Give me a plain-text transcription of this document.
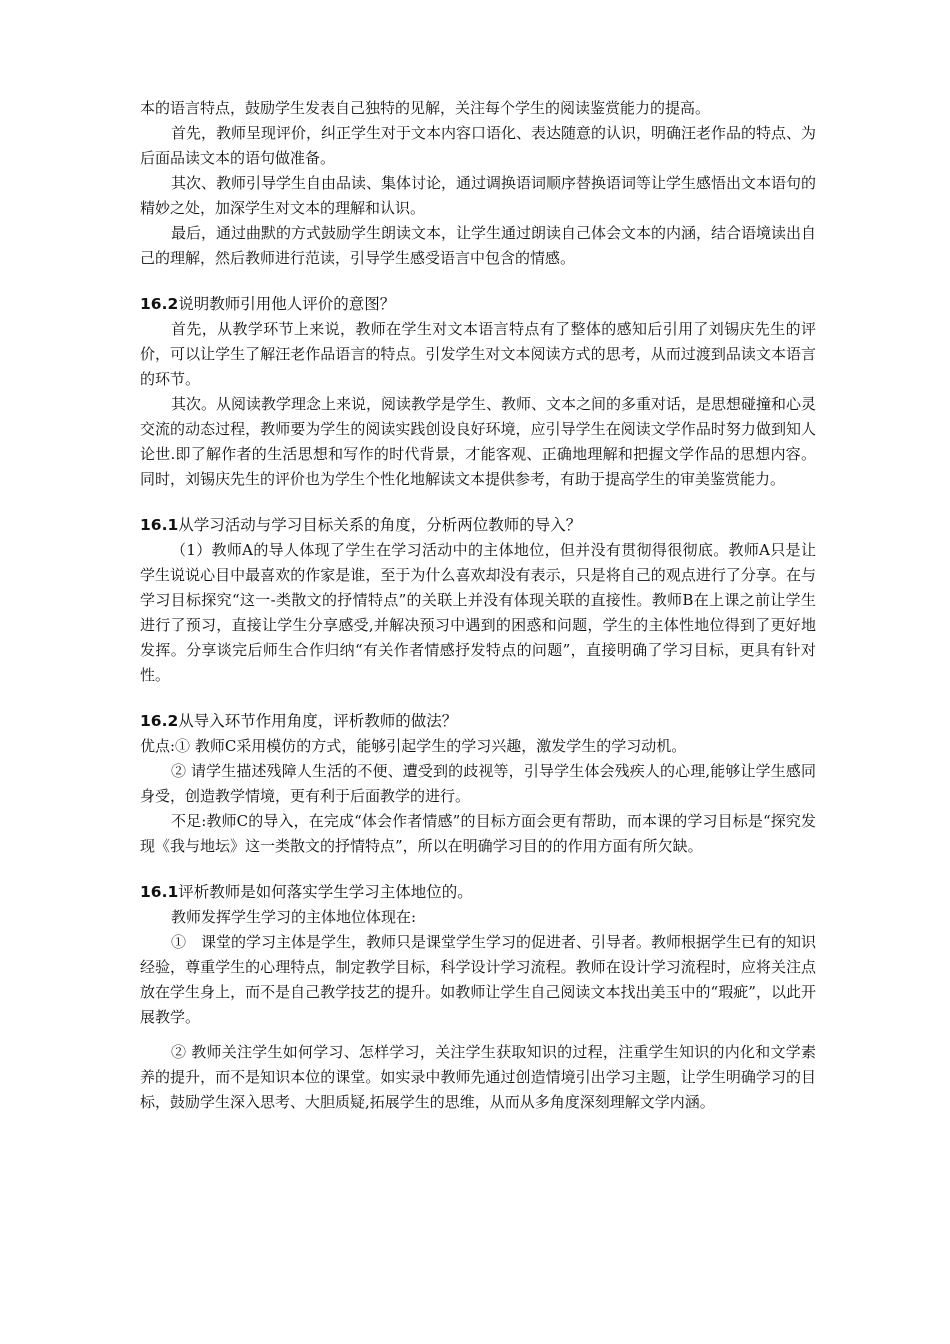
本的语言特点，鼓励学生发表自己独特的见解，关注每个学生的阅读鉴赏能力的提高。

首先，教师呈现评价，纠正学生对于文本内容口语化、表达随意的认识，明确汪老作品的特点、为后面品读文本的语句做准备。

其次、教师引导学生自由品读、集体讨论，通过调换语词顺序替换语词等让学生感悟出文本语句的精妙之处，加深学生对文本的理解和认识。

最后，通过曲默的方式鼓励学生朗读文本，让学生通过朗读自己体会文本的内涵，结合语境读出自己的理解，然后教师进行范读，引导学生感受语言中包含的情感。

16.2说明教师引用他人评价的意图？

首先，从教学环节上来说，教师在学生对文本语言特点有了整体的感知后引用了刘锡庆先生的评价，可以让学生了解汪老作品语言的特点。引发学生对文本阅读方式的思考，从而过渡到品读文本语言的环节。

其次。从阅读教学理念上来说，阅读教学是学生、教师、文本之间的多重对话，是思想碰撞和心灵交流的动态过程，教师要为学生的阅读实践创设良好环境，应引导学生在阅读文学作品时努力做到知人论世.即了解作者的生活思想和写作的时代背景，才能客观、正确地理解和把握文学作品的思想内容。同时，刘锡庆先生的评价也为学生个性化地解读文本提供参考，有助于提高学生的审美鉴赏能力。

16.1从学习活动与学习目标关系的角度，分析两位教师的导入？

（1）教师A的导人体现了学生在学习活动中的主体地位，但并没有贯彻得很彻底。教师A只是让学生说说心目中最喜欢的作家是谁，至于为什么喜欢却没有表示，只是将自己的观点进行了分享。在与学习目标探究“这一-类散文的抒情特点”的关联上并没有体现关联的直接性。教师B在上课之前让学生进行了预习，直接让学生分享感受,并解决预习中遇到的困惑和问题，学生的主体性地位得到了更好地发挥。分享谈完后师生合作归纳“有关作者情感抒发特点的问题”，直接明确了学习目标，更具有针对性。

16.2从导入环节作用角度，评析教师的做法？

优点:① 教师C采用模仿的方式，能够引起学生的学习兴趣，激发学生的学习动机。

② 请学生描述残障人生活的不便、遭受到的歧视等，引导学生体会残疾人的心理,能够让学生感同身受，创造教学情境，更有利于后面教学的进行。

不足:教师C的导入，在完成“体会作者情感”的目标方面会更有帮助，而本课的学习目标是“探究发现《我与地坛》这一类散文的抒情特点”，所以在明确学习目的的作用方面有所欠缺。

16.1评析教师是如何落实学生学习主体地位的。

教师发挥学生学习的主体地位体现在:

①　课堂的学习主体是学生，教师只是课堂学生学习的促进者、引导者。教师根据学生已有的知识经验，尊重学生的心理特点，制定教学目标，科学设计学习流程。教师在设计学习流程时，应将关注点放在学生身上，而不是自己教学技艺的提升。如教师让学生自己阅读文本找出美玉中的“瑕疵”，以此开展教学。

② 教师关注学生如何学习、怎样学习，关注学生获取知识的过程，注重学生知识的内化和文学素养的提升，而不是知识本位的课堂。如实录中教师先通过创造情境引出学习主题，让学生明确学习的目标，鼓励学生深入思考、大胆质疑,拓展学生的思维，从而从多角度深刻理解文学内涵。
